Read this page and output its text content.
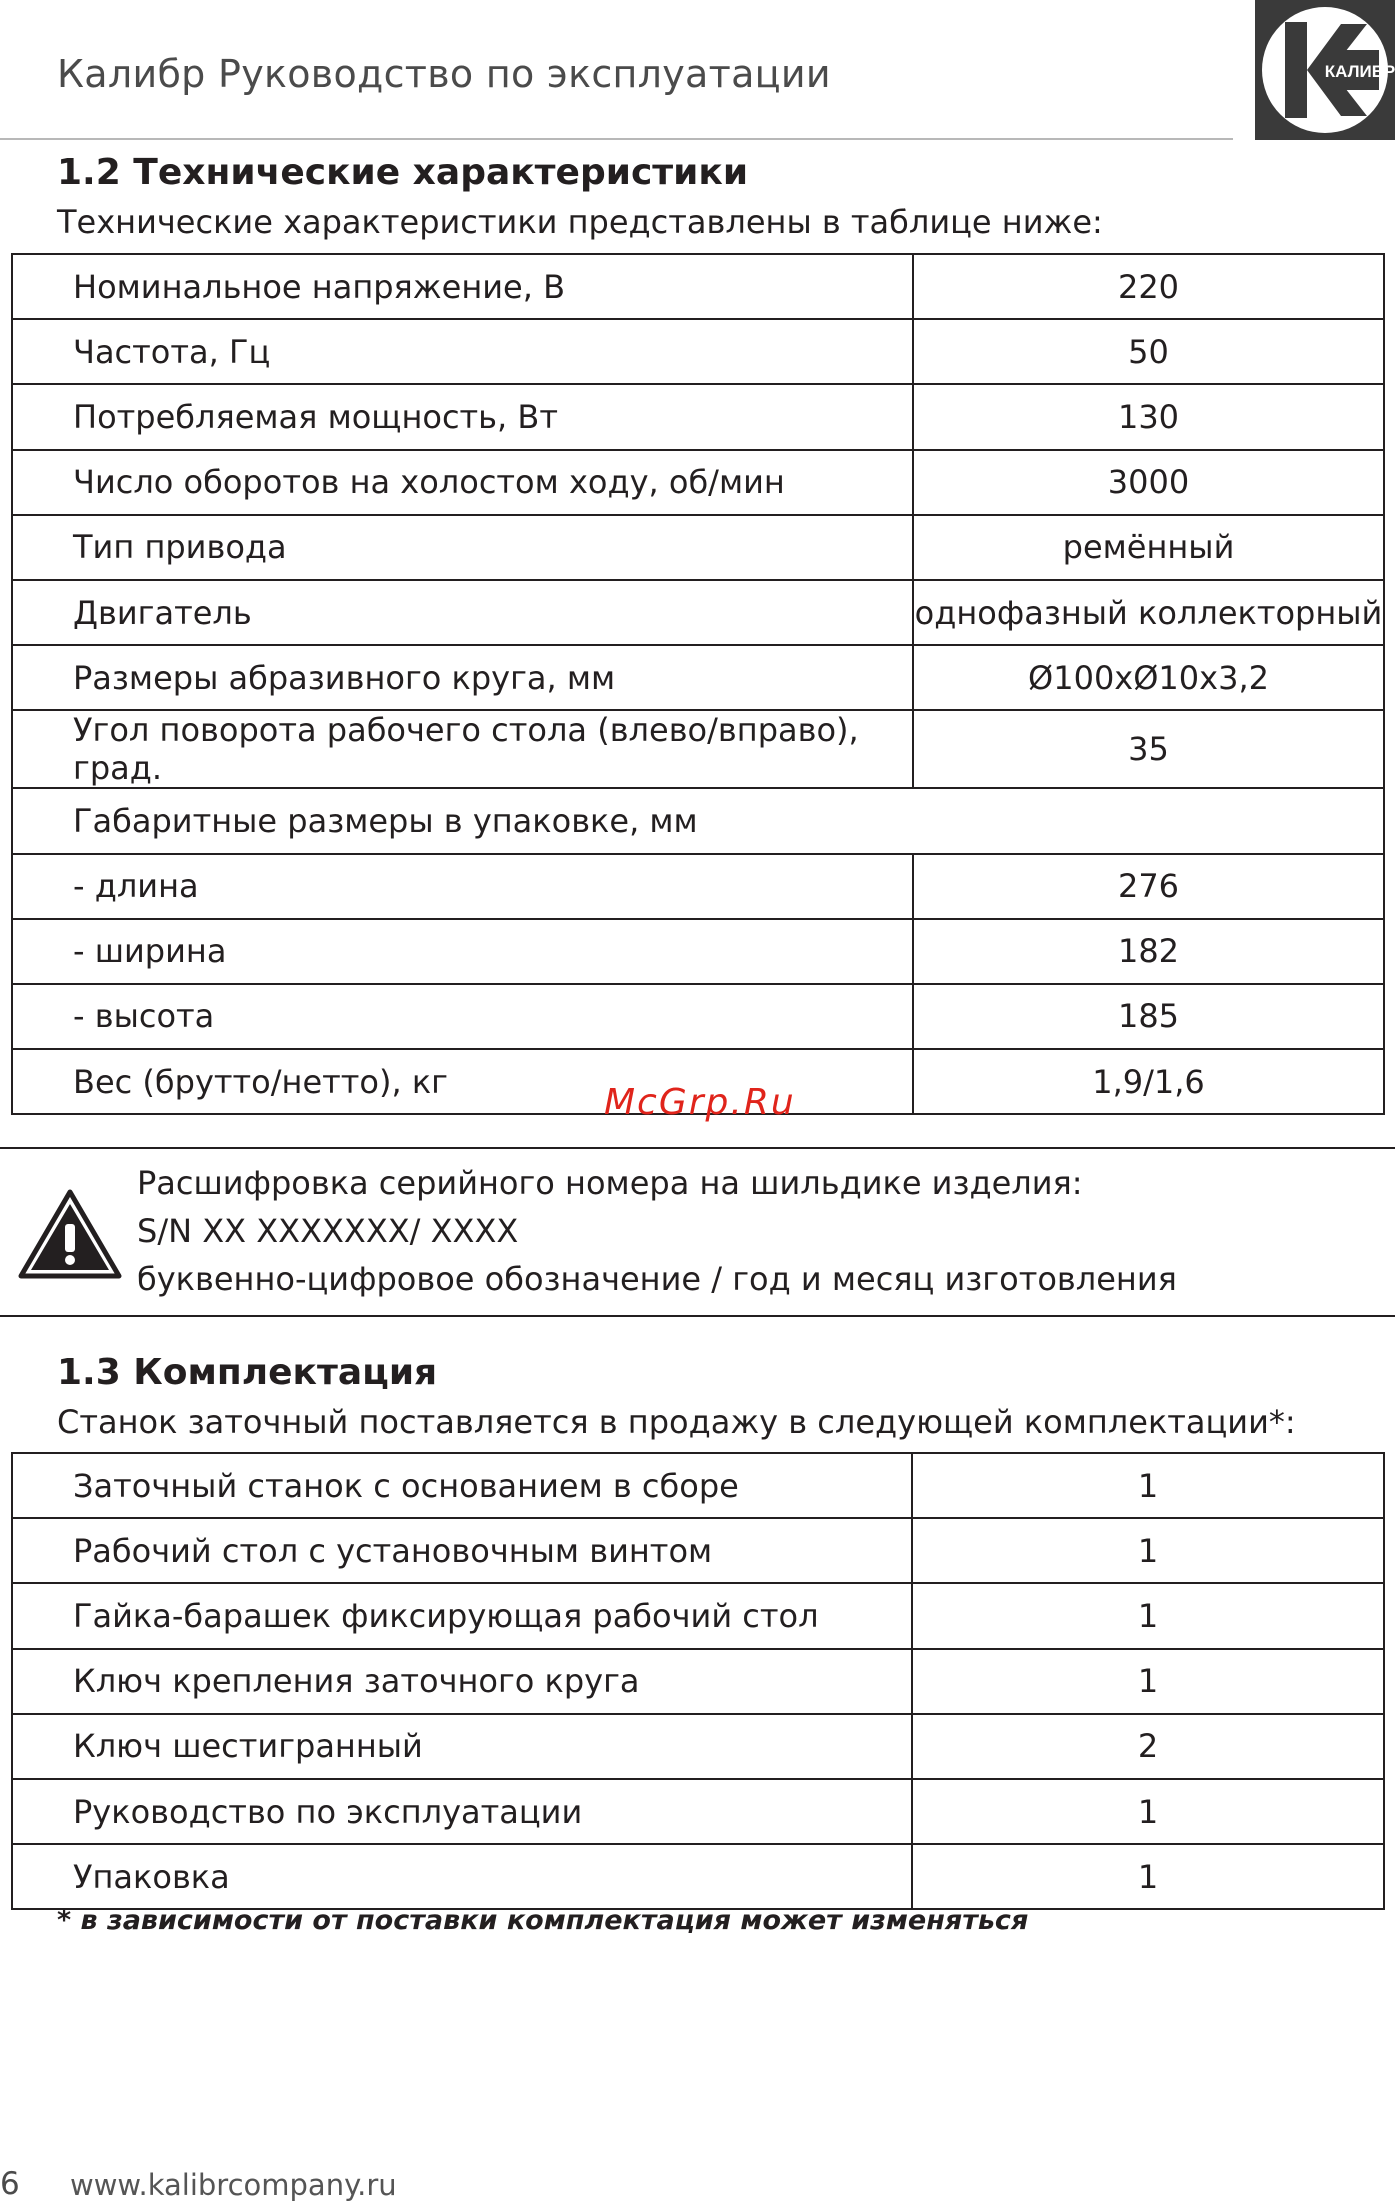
Калибр Руководство по эксплуатации	КАЛИБР
1.2 Технические характеристики
Технические характеристики представлены в таблице ниже:
Номинальное напряжение, В	220
Частота, Гц	50
Потребляемая мощность, Вт	130
Число оборотов на холостом ходу, об/мин	3000
Тип привода	ремённый
Двигатель	однофазный коллекторный
Размеры абразивного круга, мм	Ø100хØ10х3,2
Угол поворота рабочего стола (влево/вправо), град.	35
Габаритные размеры в упаковке, мм	
- длина	276
- ширина	182
- высота	185
Вес (брутто/нетто), кг	1,9/1,6
McGrp.Ru
Расшифровка серийного номера на шильдике изделия:
S/N XX XXXXXXX/ XXXX
буквенно-цифровое обозначение / год и месяц изготовления
1.3 Комплектация
Станок заточный поставляется в продажу в следующей комплектации*:
Заточный станок с основанием в сборе	1
Рабочий стол с установочным винтом	1
Гайка-барашек фиксирующая рабочий стол	1
Ключ крепления заточного круга	1
Ключ шестигранный	2
Руководство по эксплуатации	1
Упаковка	1
* в зависимости от поставки комплектация может изменяться
6 www.kalibrcompany.ru
